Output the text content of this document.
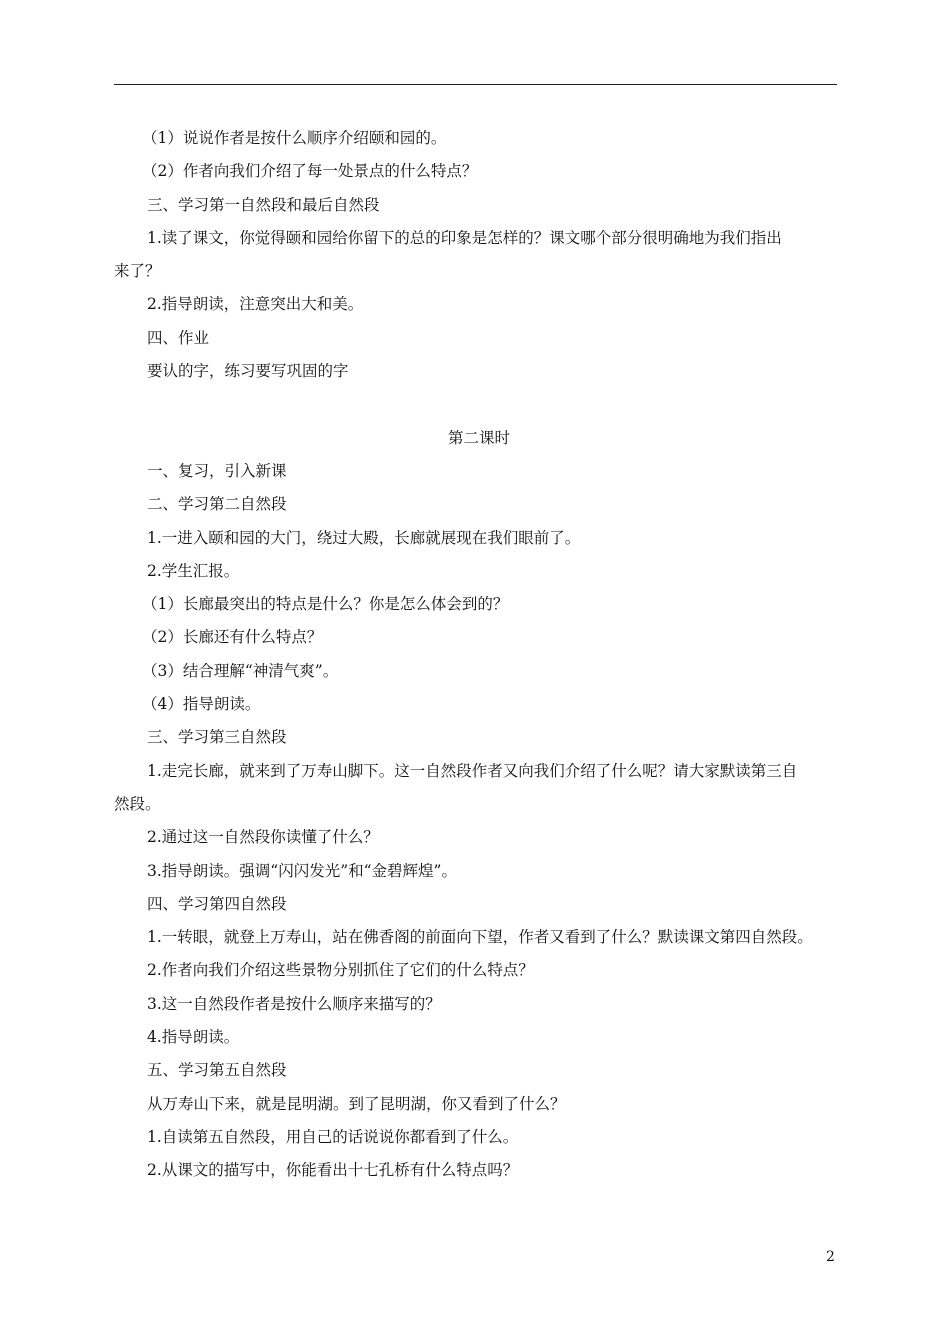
（1）说说作者是按什么顺序介绍颐和园的。
（2）作者向我们介绍了每一处景点的什么特点？
三、学习第一自然段和最后自然段
1.读了课文，你觉得颐和园给你留下的总的印象是怎样的？课文哪个部分很明确地为我们指出
来了？
2.指导朗读，注意突出大和美。
四、作业
要认的字，练习要写巩固的字
第二课时
一、复习，引入新课
二、学习第二自然段
1.一进入颐和园的大门，绕过大殿，长廊就展现在我们眼前了。
2.学生汇报。
（1）长廊最突出的特点是什么？你是怎么体会到的？
（2）长廊还有什么特点？
（3）结合理解“神清气爽”。
（4）指导朗读。
三、学习第三自然段
1.走完长廊，就来到了万寿山脚下。这一自然段作者又向我们介绍了什么呢？请大家默读第三自
然段。
2.通过这一自然段你读懂了什么？
3.指导朗读。强调“闪闪发光”和“金碧辉煌”。
四、学习第四自然段
1.一转眼，就登上万寿山，站在佛香阁的前面向下望，作者又看到了什么？默读课文第四自然段。
2.作者向我们介绍这些景物分别抓住了它们的什么特点？
3.这一自然段作者是按什么顺序来描写的？
4.指导朗读。
五、学习第五自然段
从万寿山下来，就是昆明湖。到了昆明湖，你又看到了什么？
1.自读第五自然段，用自己的话说说你都看到了什么。
2.从课文的描写中，你能看出十七孔桥有什么特点吗？
2
